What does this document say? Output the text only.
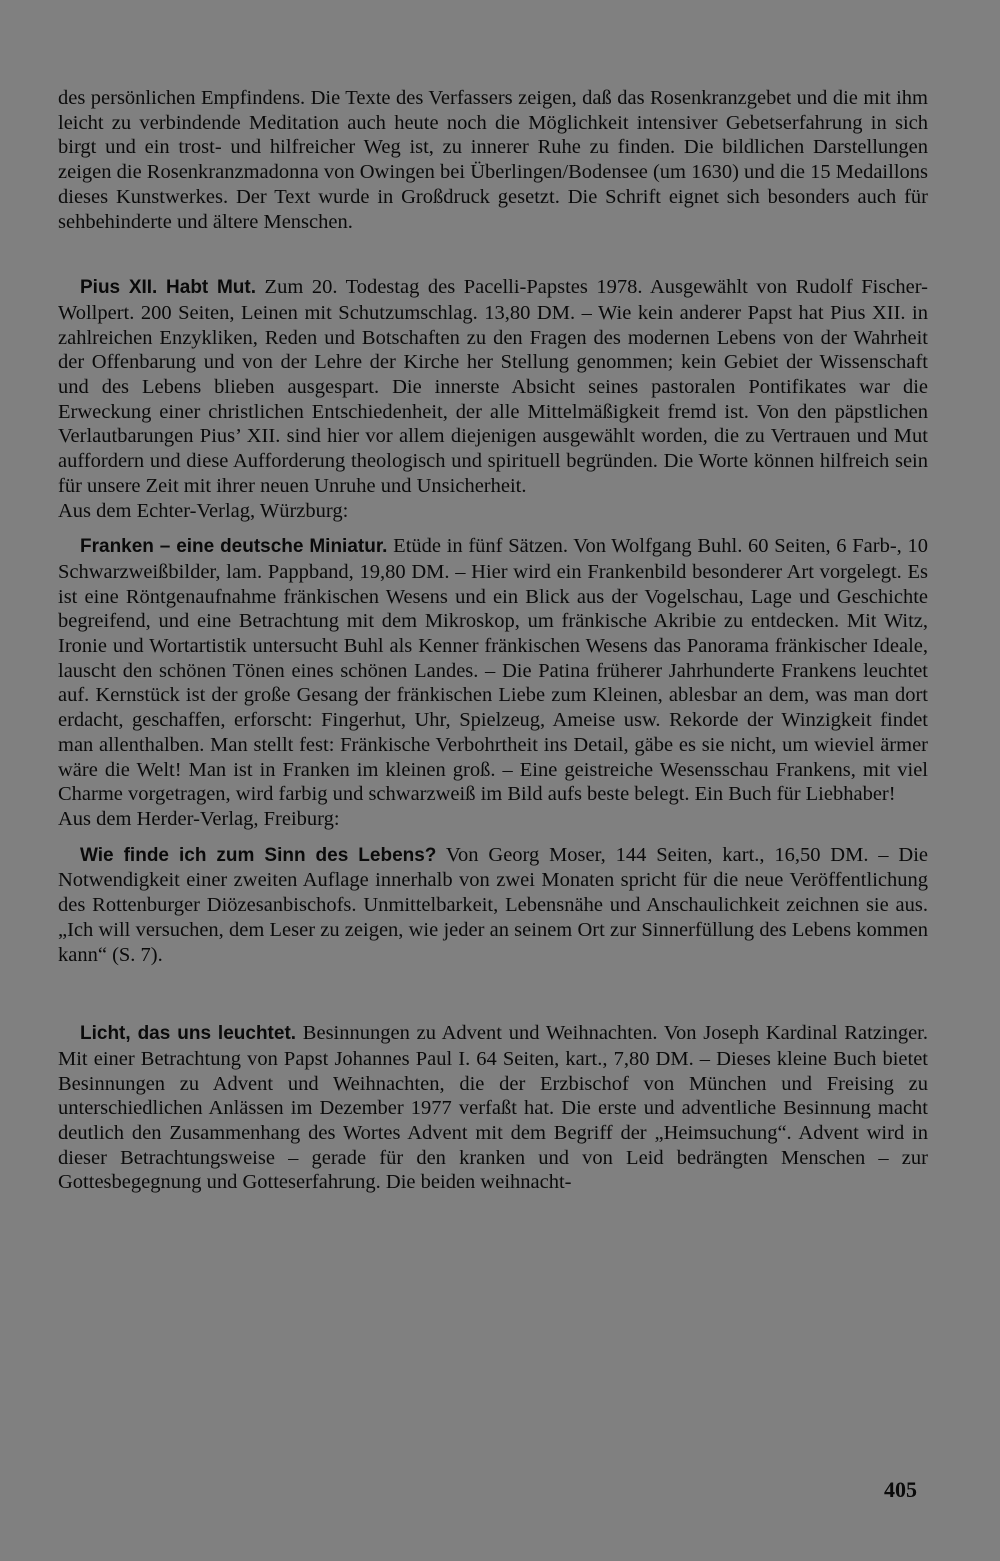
des persönlichen Empfindens. Die Texte des Verfassers zeigen, daß das Rosenkranzgebet und die mit ihm leicht zu verbindende Meditation auch heute noch die Möglichkeit intensiver Gebetserfahrung in sich birgt und ein trost- und hilfreicher Weg ist, zu innerer Ruhe zu finden. Die bildlichen Darstellungen zeigen die Rosenkranzmadonna von Owingen bei Überlingen/Bodensee (um 1630) und die 15 Medaillons dieses Kunstwerkes. Der Text wurde in Großdruck gesetzt. Die Schrift eignet sich besonders auch für sehbehinderte und ältere Menschen.

Pius XII. Habt Mut. Zum 20. Todestag des Pacelli-Papstes 1978. Ausgewählt von Rudolf Fischer-Wollpert. 200 Seiten, Leinen mit Schutzumschlag. 13,80 DM. – Wie kein anderer Papst hat Pius XII. in zahlreichen Enzykliken, Reden und Botschaften zu den Fragen des modernen Lebens von der Wahrheit der Offenbarung und von der Lehre der Kirche her Stellung genommen; kein Gebiet der Wissenschaft und des Lebens blieben ausgespart. Die innerste Absicht seines pastoralen Pontifikates war die Erweckung einer christlichen Entschiedenheit, der alle Mittelmäßigkeit fremd ist. Von den päpstlichen Verlautbarungen Pius’ XII. sind hier vor allem diejenigen ausgewählt worden, die zu Vertrauen und Mut auffordern und diese Aufforderung theologisch und spirituell begründen. Die Worte können hilfreich sein für unsere Zeit mit ihrer neuen Unruhe und Unsicherheit.

Aus dem Echter-Verlag, Würzburg:

Franken – eine deutsche Miniatur. Etüde in fünf Sätzen. Von Wolfgang Buhl. 60 Seiten, 6 Farb-, 10 Schwarzweißbilder, lam. Pappband, 19,80 DM. – Hier wird ein Frankenbild besonderer Art vorgelegt. Es ist eine Röntgenaufnahme fränkischen Wesens und ein Blick aus der Vogelschau, Lage und Geschichte begreifend, und eine Betrachtung mit dem Mikroskop, um fränkische Akribie zu entdecken. Mit Witz, Ironie und Wortartistik untersucht Buhl als Kenner fränkischen Wesens das Panorama fränkischer Ideale, lauscht den schönen Tönen eines schönen Landes. – Die Patina früherer Jahrhunderte Frankens leuchtet auf. Kernstück ist der große Gesang der fränkischen Liebe zum Kleinen, ablesbar an dem, was man dort erdacht, geschaffen, erforscht: Fingerhut, Uhr, Spielzeug, Ameise usw. Rekorde der Winzigkeit findet man allenthalben. Man stellt fest: Fränkische Verbohrtheit ins Detail, gäbe es sie nicht, um wieviel ärmer wäre die Welt! Man ist in Franken im kleinen groß. – Eine geistreiche Wesensschau Frankens, mit viel Charme vorgetragen, wird farbig und schwarzweiß im Bild aufs beste belegt. Ein Buch für Liebhaber!

Aus dem Herder-Verlag, Freiburg:

Wie finde ich zum Sinn des Lebens? Von Georg Moser, 144 Seiten, kart., 16,50 DM. – Die Notwendigkeit einer zweiten Auflage innerhalb von zwei Monaten spricht für die neue Veröffentlichung des Rottenburger Diözesanbischofs. Unmittelbarkeit, Lebensnähe und Anschaulichkeit zeichnen sie aus. „Ich will versuchen, dem Leser zu zeigen, wie jeder an seinem Ort zur Sinnerfüllung des Lebens kommen kann“ (S. 7).

Licht, das uns leuchtet. Besinnungen zu Advent und Weihnachten. Von Joseph Kardinal Ratzinger. Mit einer Betrachtung von Papst Johannes Paul I. 64 Seiten, kart., 7,80 DM. – Dieses kleine Buch bietet Besinnungen zu Advent und Weihnachten, die der Erzbischof von München und Freising zu unterschiedlichen Anlässen im Dezember 1977 verfaßt hat. Die erste und adventliche Besinnung macht deutlich den Zusammenhang des Wortes Advent mit dem Begriff der „Heimsuchung“. Advent wird in dieser Betrachtungsweise – gerade für den kranken und von Leid bedrängten Menschen – zur Gottesbegegnung und Gotteserfahrung. Die beiden weihnacht-

405
